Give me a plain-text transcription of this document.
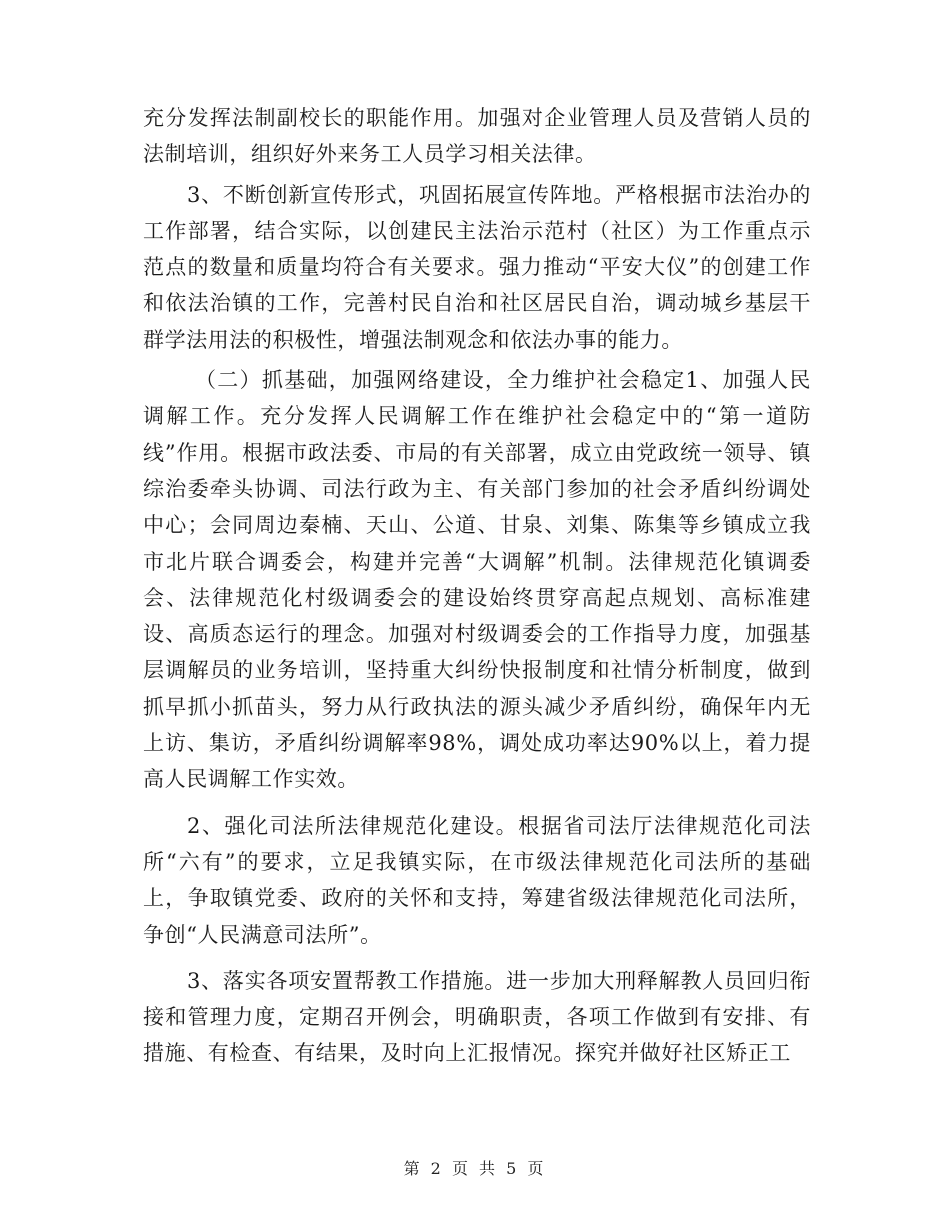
充分发挥法制副校长的职能作用。加强对企业管理人员及营销人员的法制培训，组织好外来务工人员学习相关法律。

3、不断创新宣传形式，巩固拓展宣传阵地。严格根据市法治办的工作部署，结合实际，以创建民主法治示范村（社区）为工作重点示范点的数量和质量均符合有关要求。强力推动“平安大仪”的创建工作和依法治镇的工作，完善村民自治和社区居民自治，调动城乡基层干群学法用法的积极性，增强法制观念和依法办事的能力。

（二）抓基础，加强网络建设，全力维护社会稳定1、加强人民调解工作。充分发挥人民调解工作在维护社会稳定中的“第一道防线”作用。根据市政法委、市局的有关部署，成立由党政统一领导、镇综治委牵头协调、司法行政为主、有关部门参加的社会矛盾纠纷调处中心；会同周边秦楠、天山、公道、甘泉、刘集、陈集等乡镇成立我市北片联合调委会，构建并完善“大调解”机制。法律规范化镇调委会、法律规范化村级调委会的建设始终贯穿高起点规划、高标准建设、高质态运行的理念。加强对村级调委会的工作指导力度，加强基层调解员的业务培训，坚持重大纠纷快报制度和社情分析制度，做到抓早抓小抓苗头，努力从行政执法的源头减少矛盾纠纷，确保年内无上访、集访，矛盾纠纷调解率98%，调处成功率达90%以上，着力提高人民调解工作实效。

2、强化司法所法律规范化建设。根据省司法厅法律规范化司法所“六有”的要求，立足我镇实际，在市级法律规范化司法所的基础上，争取镇党委、政府的关怀和支持，筹建省级法律规范化司法所，争创“人民满意司法所”。

3、落实各项安置帮教工作措施。进一步加大刑释解教人员回归衔接和管理力度，定期召开例会，明确职责，各项工作做到有安排、有措施、有检查、有结果，及时向上汇报情况。探究并做好社区矫正工

第 2 页 共 5 页
